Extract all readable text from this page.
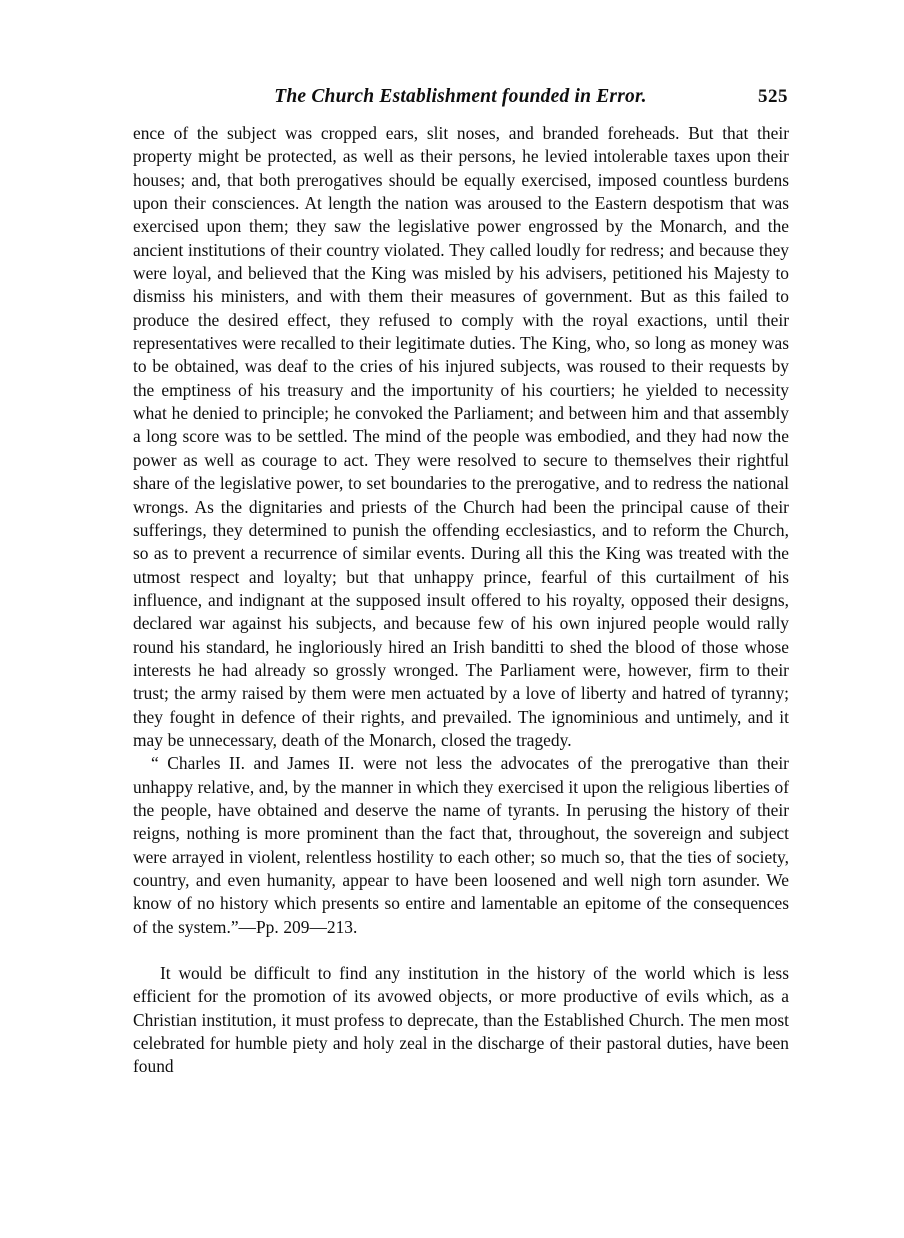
The Church Establishment founded in Error.	525

ence of the subject was cropped ears, slit noses, and branded foreheads. But that their property might be protected, as well as their persons, he levied intolerable taxes upon their houses; and, that both prerogatives should be equally exercised, imposed countless burdens upon their consciences. At length the nation was aroused to the Eastern despotism that was exercised upon them; they saw the legislative power engrossed by the Monarch, and the ancient institutions of their country violated. They called loudly for redress; and because they were loyal, and believed that the King was misled by his advisers, petitioned his Majesty to dismiss his ministers, and with them their measures of government. But as this failed to produce the desired effect, they refused to comply with the royal exactions, until their representatives were recalled to their legitimate duties. The King, who, so long as money was to be obtained, was deaf to the cries of his injured subjects, was roused to their requests by the emptiness of his treasury and the importunity of his courtiers; he yielded to necessity what he denied to principle; he convoked the Parliament; and between him and that assembly a long score was to be settled. The mind of the people was embodied, and they had now the power as well as courage to act. They were resolved to secure to themselves their rightful share of the legislative power, to set boundaries to the prerogative, and to redress the national wrongs. As the dignitaries and priests of the Church had been the principal cause of their sufferings, they determined to punish the offending ecclesiastics, and to reform the Church, so as to prevent a recurrence of similar events. During all this the King was treated with the utmost respect and loyalty; but that unhappy prince, fearful of this curtailment of his influence, and indignant at the supposed insult offered to his royalty, opposed their designs, declared war against his subjects, and because few of his own injured people would rally round his standard, he ingloriously hired an Irish banditti to shed the blood of those whose interests he had already so grossly wronged. The Parliament were, however, firm to their trust; the army raised by them were men actuated by a love of liberty and hatred of tyranny; they fought in defence of their rights, and prevailed. The ignominious and untimely, and it may be unnecessary, death of the Monarch, closed the tragedy.

“ Charles II. and James II. were not less the advocates of the prerogative than their unhappy relative, and, by the manner in which they exercised it upon the religious liberties of the people, have obtained and deserve the name of tyrants. In perusing the history of their reigns, nothing is more prominent than the fact that, throughout, the sovereign and subject were arrayed in violent, relentless hostility to each other; so much so, that the ties of society, country, and even humanity, appear to have been loosened and well nigh torn asunder. We know of no history which presents so entire and lamentable an epitome of the consequences of the system.”—Pp. 209—213.

It would be difficult to find any institution in the history of the world which is less efficient for the promotion of its avowed objects, or more productive of evils which, as a Christian institution, it must profess to deprecate, than the Established Church. The men most celebrated for humble piety and holy zeal in the discharge of their pastoral duties, have been found
